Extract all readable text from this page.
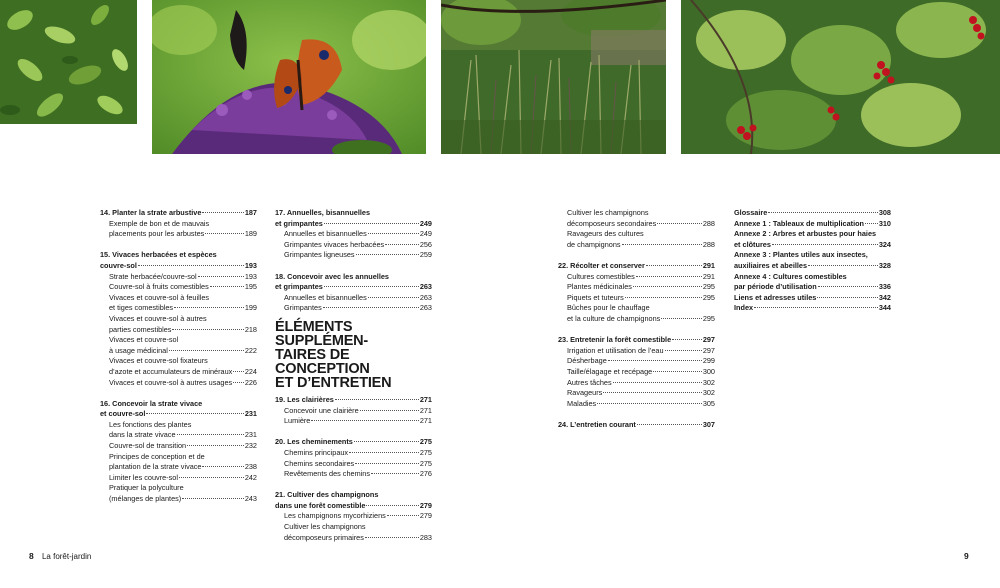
14. Planter la strate arbustive	187
Exemple de bon et de mauvais
placements pour les arbustes	189
15. Vivaces herbacées et espèces
couvre-sol	193
Strate herbacée/couvre-sol	193
Couvre-sol à fruits comestibles	195
Vivaces et couvre-sol à feuilles
et tiges comestibles	199
Vivaces et couvre-sol à autres
parties comestibles	218
Vivaces et couvre-sol
à usage médicinal	222
Vivaces et couvre-sol fixateurs
d’azote et accumulateurs de minéraux 224
Vivaces et couvre-sol à autres usages 226
16. Concevoir la strate vivace
et couvre-sol	231
Les fonctions des plantes
dans la strate vivace	231
Couvre-sol de transition	232
Principes de conception et de
plantation de la strate vivace	238
Limiter les couvre-sol	242
Pratiquer la polyculture
(mélanges de plantes)	243
17. Annuelles, bisannuelles
et grimpantes	249
Annuelles et bisannuelles	249
Grimpantes vivaces herbacées	256
Grimpantes ligneuses	259
18. Concevoir avec les annuelles
et grimpantes	263
Annuelles et bisannuelles	263
Grimpantes	263
ÉLÉMENTS SUPPLÉMEN-
TAIRES DE CONCEPTION
ET D’ENTRETIEN
19. Les clairières	271
Concevoir une clairière	271
Lumière	271
20. Les cheminements	275
Chemins principaux	275
Chemins secondaires	275
Revêtements des chemins	276
21. Cultiver des champignons
dans une forêt comestible	279
Les champignons mycorhiziens	279
Cultiver les champignons
décomposeurs primaires	283
Cultiver les champignons
décomposeurs secondaires	288
Ravageurs des cultures
de champignons	288
22. Récolter et conserver	291
Cultures comestibles	291
Plantes médicinales	295
Piquets et tuteurs	295
Bûches pour le chauffage
et la culture de champignons	295
23. Entretenir la forêt comestible	297
Irrigation et utilisation de l’eau	297
Désherbage	299
Taille/élagage et recépage	300
Autres tâches	302
Ravageurs	302
Maladies	305
24. L’entretien courant	307
Glossaire	308
Annexe 1 : Tableaux de multiplication 310
Annexe 2 : Arbres et arbustes pour haies
et clôtures	324
Annexe 3 : Plantes utiles aux insectes,
auxiliaires et abeilles	328
Annexe 4 : Cultures comestibles
par période d’utilisation	336
Liens et adresses utiles	342
Index	344
8 La forêt-jardin	9
